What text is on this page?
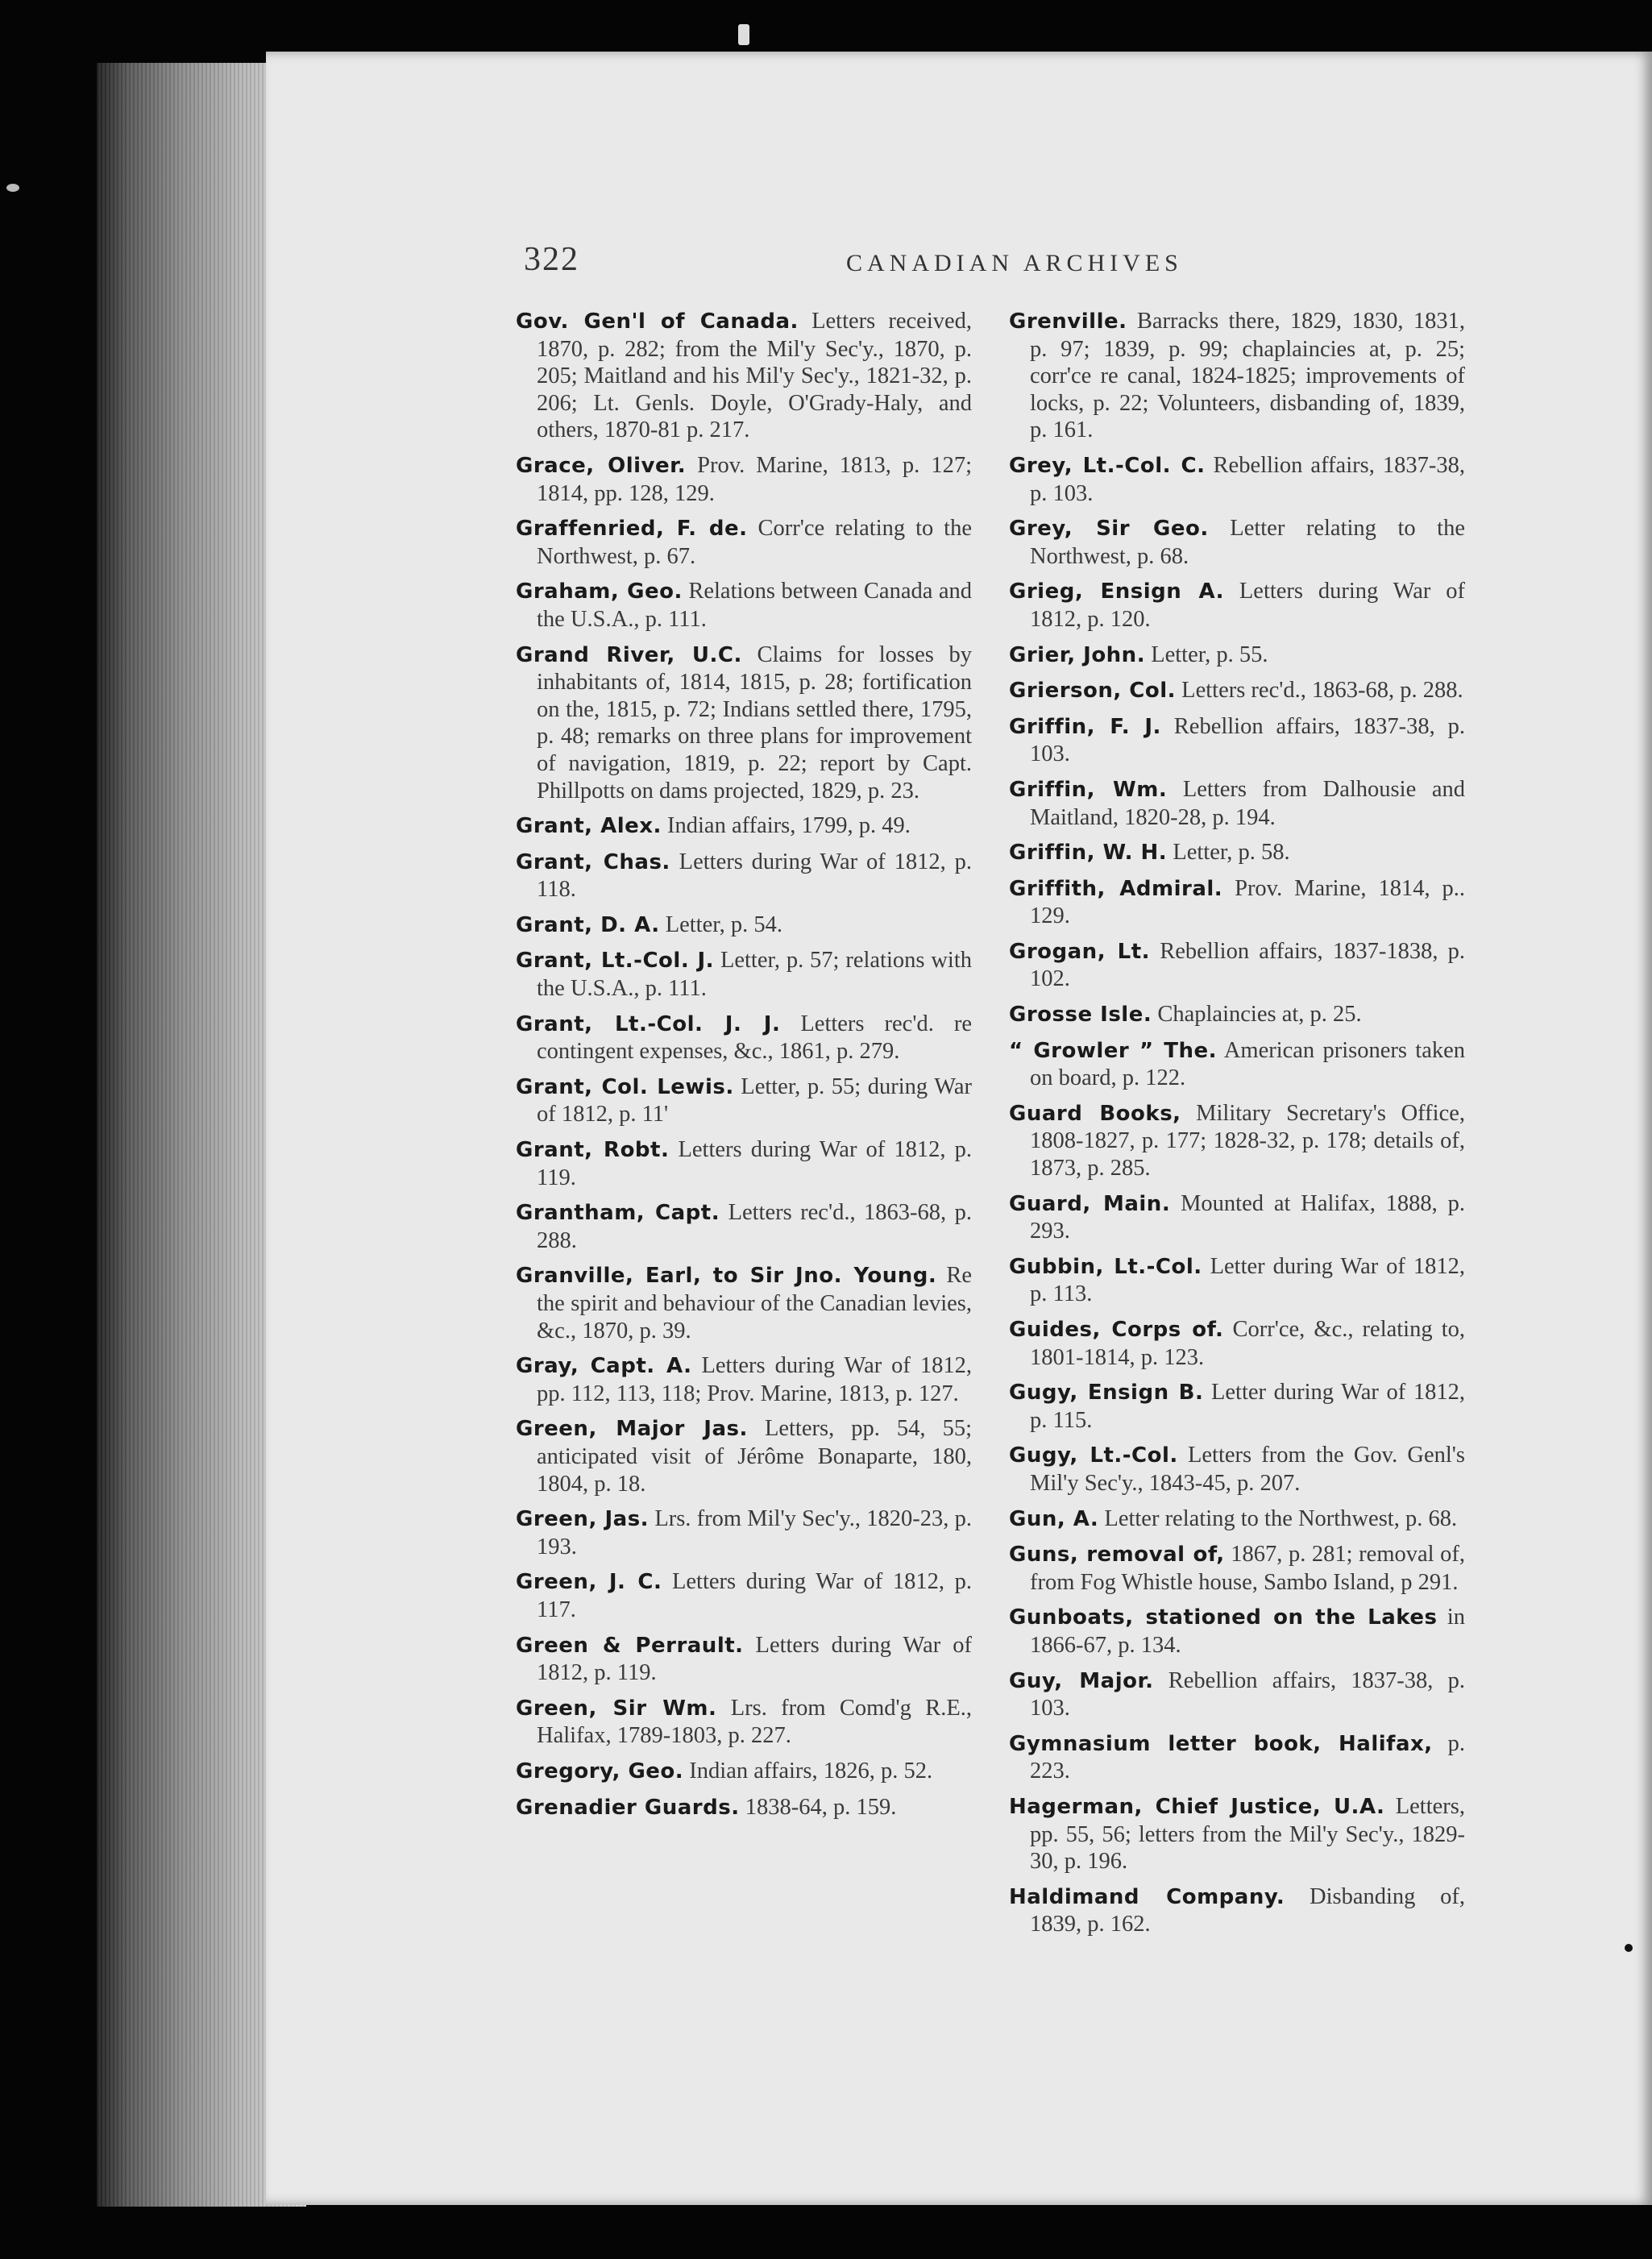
322	CANADIAN ARCHIVES

Gov. Gen'l of Canada. Letters received, 1870, p. 282; from the Mil'y Sec'y., 1870, p. 205; Maitland and his Mil'y Sec'y., 1821-32, p. 206; Lt. Genls. Doyle, O'Grady-Haly, and others, 1870-81 p. 217.

Grace, Oliver. Prov. Marine, 1813, p. 127; 1814, pp. 128, 129.

Graffenried, F. de. Corr'ce relating to the Northwest, p. 67.

Graham, Geo. Relations between Canada and the U.S.A., p. 111.

Grand River, U.C. Claims for losses by inhabitants of, 1814, 1815, p. 28; fortification on the, 1815, p. 72; Indians settled there, 1795, p. 48; remarks on three plans for improvement of navigation, 1819, p. 22; report by Capt. Phillpotts on dams projected, 1829, p. 23.

Grant, Alex. Indian affairs, 1799, p. 49.

Grant, Chas. Letters during War of 1812, p. 118.

Grant, D. A. Letter, p. 54.

Grant, Lt.-Col. J. Letter, p. 57; relations with the U.S.A., p. 111.

Grant, Lt.-Col. J. J. Letters rec'd. re contingent expenses, &c., 1861, p. 279.

Grant, Col. Lewis. Letter, p. 55; during War of 1812, p. 11'

Grant, Robt. Letters during War of 1812, p. 119.

Grantham, Capt. Letters rec'd., 1863-68, p. 288.

Granville, Earl, to Sir Jno. Young. Re the spirit and behaviour of the Canadian levies, &c., 1870, p. 39.

Gray, Capt. A. Letters during War of 1812, pp. 112, 113, 118; Prov. Marine, 1813, p. 127.

Green, Major Jas. Letters, pp. 54, 55; anticipated visit of Jérôme Bonaparte, 180, 1804, p. 18.

Green, Jas. Lrs. from Mil'y Sec'y., 1820-23, p. 193.

Green, J. C. Letters during War of 1812, p. 117.

Green & Perrault. Letters during War of 1812, p. 119.

Green, Sir Wm. Lrs. from Comd'g R.E., Halifax, 1789-1803, p. 227.

Gregory, Geo. Indian affairs, 1826, p. 52.

Grenadier Guards. 1838-64, p. 159.

Grenville. Barracks there, 1829, 1830, 1831, p. 97; 1839, p. 99; chaplaincies at, p. 25; corr'ce re canal, 1824-1825; improvements of locks, p. 22; Volunteers, disbanding of, 1839, p. 161.

Grey, Lt.-Col. C. Rebellion affairs, 1837-38, p. 103.

Grey, Sir Geo. Letter relating to the Northwest, p. 68.

Grieg, Ensign A. Letters during War of 1812, p. 120.

Grier, John. Letter, p. 55.

Grierson, Col. Letters rec'd., 1863-68, p. 288.

Griffin, F. J. Rebellion affairs, 1837-38, p. 103.

Griffin, Wm. Letters from Dalhousie and Maitland, 1820-28, p. 194.

Griffin, W. H. Letter, p. 58.

Griffith, Admiral. Prov. Marine, 1814, p.. 129.

Grogan, Lt. Rebellion affairs, 1837-1838, p. 102.

Grosse Isle. Chaplaincies at, p. 25.

“ Growler ” The. American prisoners taken on board, p. 122.

Guard Books, Military Secretary's Office, 1808-1827, p. 177; 1828-32, p. 178; details of, 1873, p. 285.

Guard, Main. Mounted at Halifax, 1888, p. 293.

Gubbin, Lt.-Col. Letter during War of 1812, p. 113.

Guides, Corps of. Corr'ce, &c., relating to, 1801-1814, p. 123.

Gugy, Ensign B. Letter during War of 1812, p. 115.

Gugy, Lt.-Col. Letters from the Gov. Genl's Mil'y Sec'y., 1843-45, p. 207.

Gun, A. Letter relating to the Northwest, p. 68.

Guns, removal of, 1867, p. 281; removal of, from Fog Whistle house, Sambo Island, p 291.

Gunboats, stationed on the Lakes in 1866-67, p. 134.

Guy, Major. Rebellion affairs, 1837-38, p. 103.

Gymnasium letter book, Halifax, p. 223.

Hagerman, Chief Justice, U.A. Letters, pp. 55, 56; letters from the Mil'y Sec'y., 1829-30, p. 196.

Haldimand Company. Disbanding of, 1839, p. 162.
